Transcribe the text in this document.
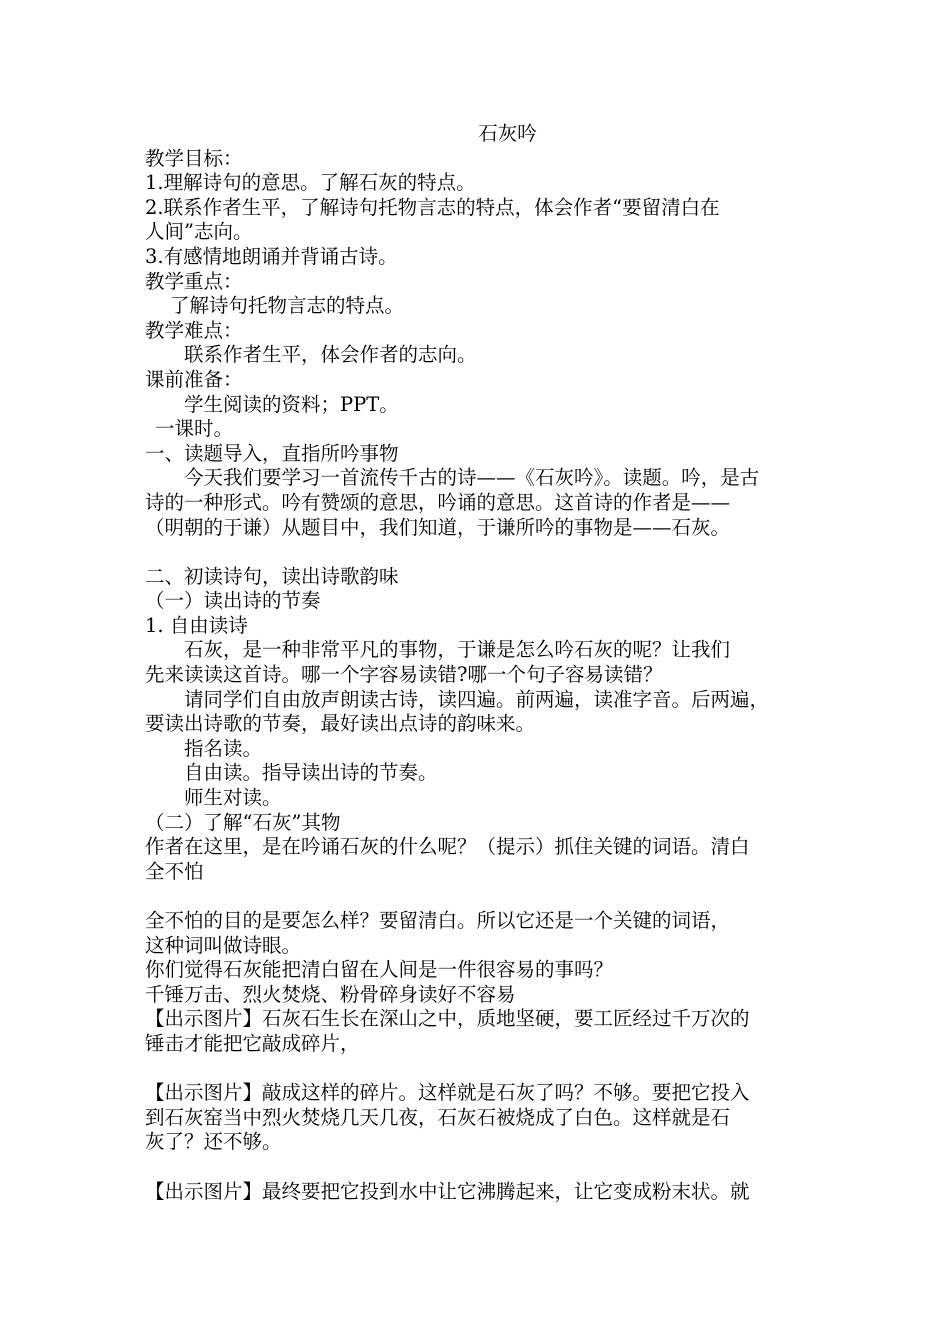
石灰吟
教学目标：
1.理解诗句的意思。了解石灰的特点。
2.联系作者生平，了解诗句托物言志的特点，体会作者“要留清白在
人间”志向。
3.有感情地朗诵并背诵古诗。
教学重点：
了解诗句托物言志的特点。
教学难点：
联系作者生平，体会作者的志向。
课前准备：
学生阅读的资料；PPT。
一课时。
一、读题导入，直指所吟事物
今天我们要学习一首流传千古的诗——《石灰吟》。读题。吟，是古
诗的一种形式。吟有赞颂的意思，吟诵的意思。这首诗的作者是——
（明朝的于谦）从题目中，我们知道，于谦所吟的事物是——石灰。
二、初读诗句，读出诗歌韵味
（一）读出诗的节奏
1. 自由读诗
石灰，是一种非常平凡的事物，于谦是怎么吟石灰的呢？让我们
先来读读这首诗。哪一个字容易读错?哪一个句子容易读错？
请同学们自由放声朗读古诗，读四遍。前两遍，读准字音。后两遍，
要读出诗歌的节奏，最好读出点诗的韵味来。
指名读。
自由读。指导读出诗的节奏。
师生对读。
（二）了解“石灰”其物
作者在这里，是在吟诵石灰的什么呢？（提示）抓住关键的词语。清白
全不怕
全不怕的目的是要怎么样？要留清白。所以它还是一个关键的词语，
这种词叫做诗眼。
你们觉得石灰能把清白留在人间是一件很容易的事吗？
千锤万击、烈火焚烧、粉骨碎身读好不容易
【出示图片】石灰石生长在深山之中，质地坚硬，要工匠经过千万次的
锤击才能把它敲成碎片，
【出示图片】敲成这样的碎片。这样就是石灰了吗？不够。要把它投入
到石灰窑当中烈火焚烧几天几夜，石灰石被烧成了白色。这样就是石
灰了？还不够。
【出示图片】最终要把它投到水中让它沸腾起来，让它变成粉末状。就
